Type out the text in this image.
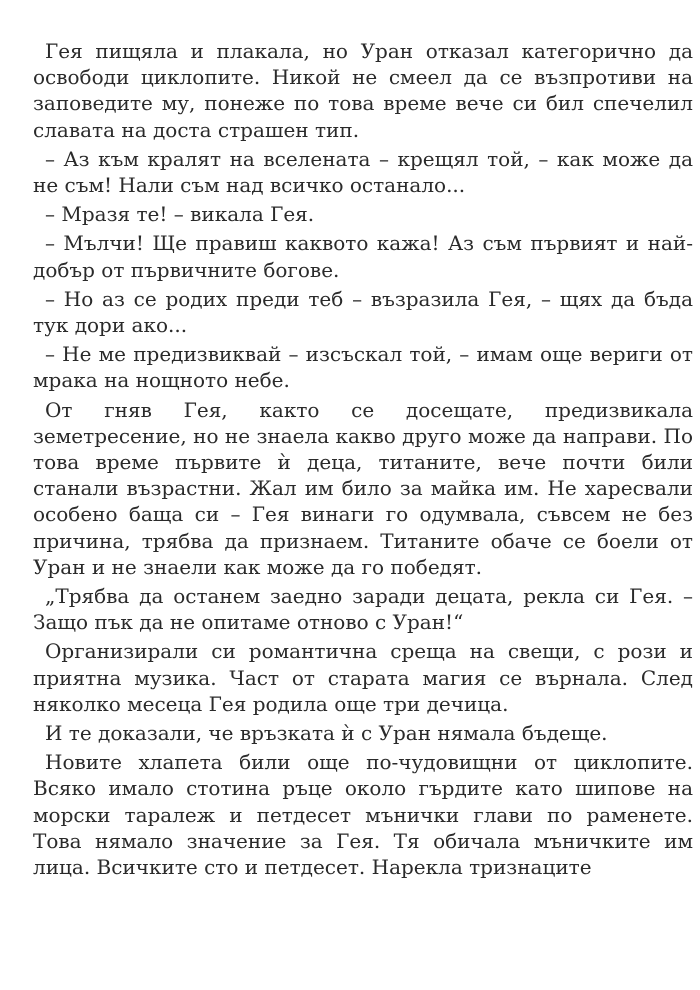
Гея пищяла и плакала, но Уран отказал категорично да освободи циклопите. Никой не смеел да се възпротиви на заповедите му, понеже по това време вече си бил спечелил славата на доста страшен тип.

– Аз към кралят на вселената – крещял той, – как може да не съм! Нали съм над всичко останало...

– Мразя те! – викала Гея.

– Мълчи! Ще правиш каквото кажа! Аз съм първият и най-добър от първичните богове.

– Но аз се родих преди теб – възразила Гея, – щях да бъда тук дори ако...

– Не ме предизвиквай – изсъскал той, – имам още вериги от мрака на нощното небе.

От гняв Гея, както се досещате, предизвикала земетресение, но не знаела какво друго може да направи. По това време първите ѝ деца, титаните, вече почти били станали възрастни. Жал им било за майка им. Не харесвали особено баща си – Гея винаги го одумвала, съвсем не без причина, трябва да признаем. Титаните обаче се боели от Уран и не знаели как може да го победят.

„Трябва да останем заедно заради децата, рекла си Гея. – Защо пък да не опитаме отново с Уран!“

Организирали си романтична среща на свещи, с рози и приятна музика. Част от старата магия се върнала. След няколко месеца Гея родила още три дечица.

И те доказали, че връзката ѝ с Уран нямала бъдеще.

Новите хлапета били още по-чудовищни от циклопите. Всяко имало стотина ръце около гърдите като шипове на морски таралеж и петдесет мънички глави по раменете. Това нямало значение за Гея. Тя обичала мъничките им лица. Всичките сто и петдесет. Нарекла тризнаците
